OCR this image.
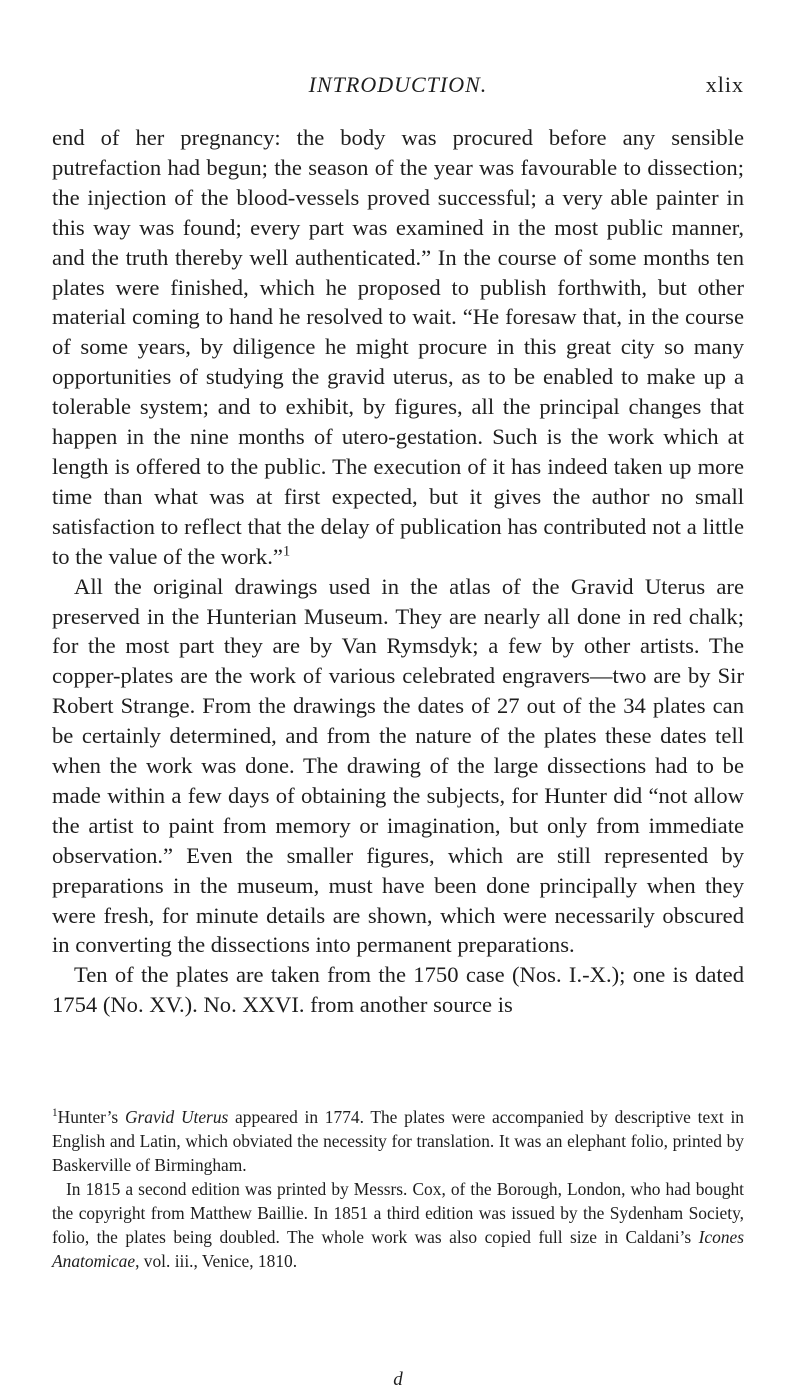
INTRODUCTION.	xlix

end of her pregnancy: the body was procured before any sensible putrefaction had begun; the season of the year was favourable to dissection; the injection of the blood-vessels proved successful; a very able painter in this way was found; every part was examined in the most public manner, and the truth thereby well authenticated.” In the course of some months ten plates were finished, which he proposed to publish forthwith, but other material coming to hand he resolved to wait. “He foresaw that, in the course of some years, by diligence he might procure in this great city so many opportunities of studying the gravid uterus, as to be enabled to make up a tolerable system; and to exhibit, by figures, all the principal changes that happen in the nine months of utero-gestation. Such is the work which at length is offered to the public. The execution of it has indeed taken up more time than what was at first expected, but it gives the author no small satisfaction to reflect that the delay of publication has contributed not a little to the value of the work.”$^1$

All the original drawings used in the atlas of the Gravid Uterus are preserved in the Hunterian Museum. They are nearly all done in red chalk; for the most part they are by Van Rymsdyk; a few by other artists. The copper-plates are the work of various celebrated engravers—two are by Sir Robert Strange. From the drawings the dates of 27 out of the 34 plates can be certainly determined, and from the nature of the plates these dates tell when the work was done. The drawing of the large dissections had to be made within a few days of obtaining the subjects, for Hunter did “not allow the artist to paint from memory or imagination, but only from immediate observation.” Even the smaller figures, which are still represented by preparations in the museum, must have been done principally when they were fresh, for minute details are shown, which were necessarily obscured in converting the dissections into permanent preparations.

Ten of the plates are taken from the 1750 case (Nos. I.-X.); one is dated 1754 (No. XV.). No. XXVI. from another source is

$^1$Hunter’s Gravid Uterus appeared in 1774. The plates were accompanied by descriptive text in English and Latin, which obviated the necessity for translation. It was an elephant folio, printed by Baskerville of Birmingham.

In 1815 a second edition was printed by Messrs. Cox, of the Borough, London, who had bought the copyright from Matthew Baillie. In 1851 a third edition was issued by the Sydenham Society, folio, the plates being doubled. The whole work was also copied full size in Caldani’s Icones Anatomicae, vol. iii., Venice, 1810.

d
